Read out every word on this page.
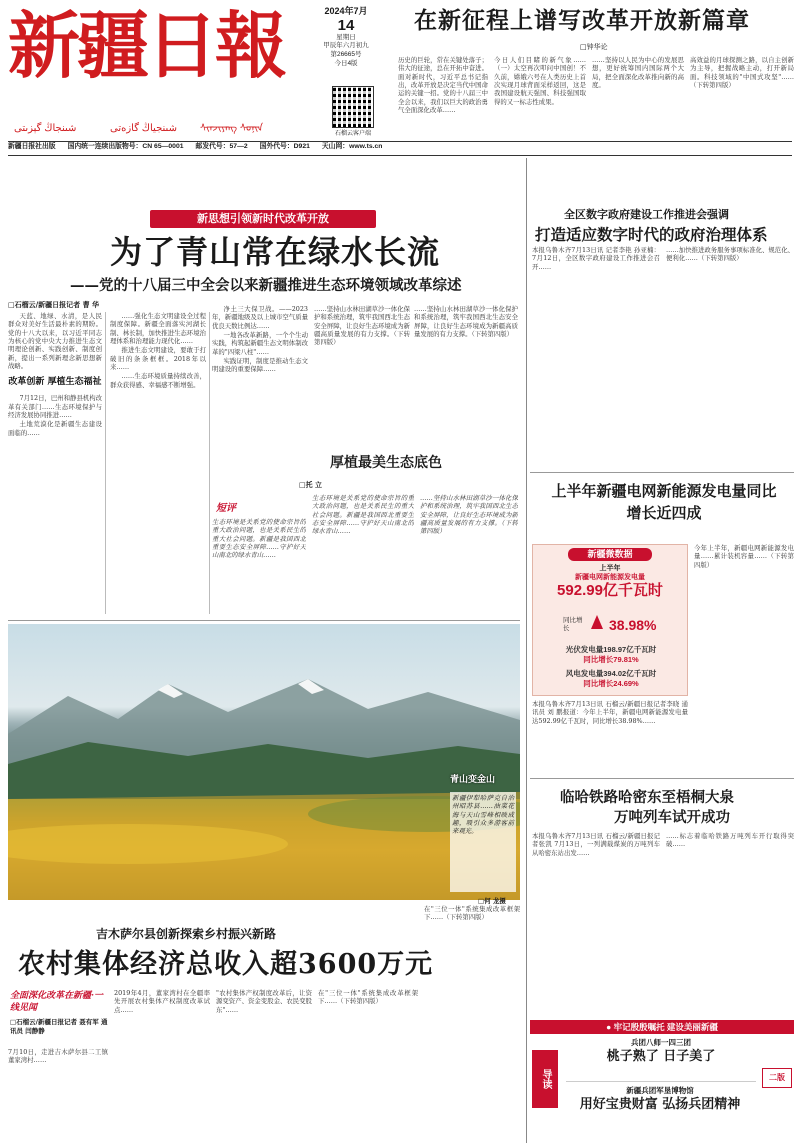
新疆日報
شىنجاڭ گېزىتى	شىنجياڭ گازەتى ᠰᠢᠨᠵᠢᠶᠠᠩ ᠰᠣᠨᠢᠨ
2024年7月
14
星期日
甲辰年六月初九
第26665号
今日4版
石榴云客户端
新疆日报社出版 国内统一连续出版物号：CN 65—0001 邮发代号：57—2 国外代号：D921 天山网：www.ts.cn
在新征程上谱写改革开放新篇章
□钟华论
历史的巨轮，常在关键处落子；伟大的征途，总在开拓中奋进。面对新时代，习近平总书记指出，改革开放是决定当代中国命运的关键一招。党的十八届三中全会以来，我们以巨大的政治勇气全面深化改革……
今日人们目睹的新气象……（一）太空再次叩问中国创！不久前，嫦娥六号在人类历史上首次实现月球背面采样返回，这是我国建设航天强国、科技强国取得的又一标志性成果。
……坚持以人民为中心的发展思想，更好统筹国内国际两个大局，把全面深化改革推向新的高度。
高效益的月球探测之路，以自主创新为主导，把握战略主动，打开新局面。科技领域的"中国式攻坚"……（下转第四版）
新思想引领新时代改革开放
为了青山常在绿水长流
——党的十八届三中全会以来新疆推进生态环境领域改革综述
□石榴云/新疆日报记者 曹 华

天蓝、地绿、水清，是人民群众对美好生活最朴素的期盼。党的十八大以来，以习近平同志为核心的党中央大力推进生态文明理论创新、实践创新、制度创新，提出一系列新理念新思想新战略。

改革创新 厚植生态福祉

7月12日，巴州和静县机构改革有关部门……生态环境保护与经济发展协同推进……

土地荒漠化是新疆生态建设面临的……

……强化生态文明建设全过程制度保障。新疆全面落实河湖长制、林长制，加快推进生态环境治理体系和治理能力现代化……

推进生态文明建设，要敢于打破旧的条条框框。2018年以来……

……生态环境质量持续改善，群众获得感、幸福感不断增强。

净土三大保卫战。——2023年，新疆地级及以上城市空气质量优良天数比例达……

一地各改革新路，一个个生动实践，构筑起新疆生态文明体制改革的"四梁八柱"……

实践证明，制度是推动生态文明建设的重要保障……

……坚持山水林田湖草沙一体化保护和系统治理，筑牢我国西北生态安全屏障，让良好生态环境成为新疆高质量发展的有力支撑。（下转第四版）
……坚持山水林田湖草沙一体化保护和系统治理，筑牢我国西北生态安全屏障，让良好生态环境成为新疆高质量发展的有力支撑。（下转第四版）
厚植最美生态底色
□托 立
短评
生态环境是关系党的使命宗旨的重大政治问题，也是关系民生的重大社会问题。新疆是我国西北重要生态安全屏障……守护好天山南北的绿水青山……
生态环境是关系党的使命宗旨的重大政治问题，也是关系民生的重大社会问题。新疆是我国西北重要生态安全屏障……守护好天山南北的绿水青山……
……坚持山水林田湖草沙一体化保护和系统治理，筑牢我国西北生态安全屏障，让良好生态环境成为新疆高质量发展的有力支撑。（下转第四版）
青山变金山
新疆伊犁哈萨克自治州昭苏县……油菜花海与天山雪峰相映成趣，吸引众多游客前来观光。
□何 龙摄
吉木萨尔县创新探索乡村振兴新路
农村集体经济总收入超3600万元
全面深化改革在新疆·一线见闻
□石榴云/新疆日报记者 聂有军 通讯员 闫静静
7月10日，走进吉木萨尔县二工镇董家湾村……
2019年4月，董家湾村在全疆率先开展农村集体产权制度改革试点……
"农村集体产权制度改革后，让资源变资产、资金变股金、农民变股东"……
在"三位一体"系统集成改革框架下……（下转第四版）
在"三位一体"系统集成改革框架下……（下转第四版）
全区数字政府建设工作推进会强调
打造适应数字时代的政府治理体系
本报乌鲁木齐7月13日讯 记者李艳 孙亚楠：7月12日，全区数字政府建设工作推进会召开……
……加快推进政务服务事项标准化、规范化、便利化……（下转第四版）
上半年新疆电网新能源发电量同比增长近四成
新疆微数据
上半年
新疆电网新能源发电量
592.99亿千瓦时
同比增长	38.98%
光伏发电量198.97亿千瓦时
同比增长79.81%
风电发电量394.02亿千瓦时
同比增长24.69%
本报乌鲁木齐7月13日讯 石榴云/新疆日报记者李晓 通讯员 刘 鹏报道：今年上半年，新疆电网新能源发电量达592.99亿千瓦时，同比增长38.98%……
今年上半年，新疆电网新能源发电量……累计装机容量……（下转第四版）
临哈铁路哈密东至梧桐大泉
万吨列车试开成功
本报乌鲁木齐7月13日讯 石榴云/新疆日报记者张凯 7月13日，一列满载煤炭的万吨列车从哈密东站出发……
……标志着临哈铁路万吨列车开行取得突破……
● 牢记殷殷嘱托 建设美丽新疆
导读
兵团八师一四三团
桃子熟了 日子美了
新疆兵团军垦博物馆
用好宝贵财富 弘扬兵团精神
二版
